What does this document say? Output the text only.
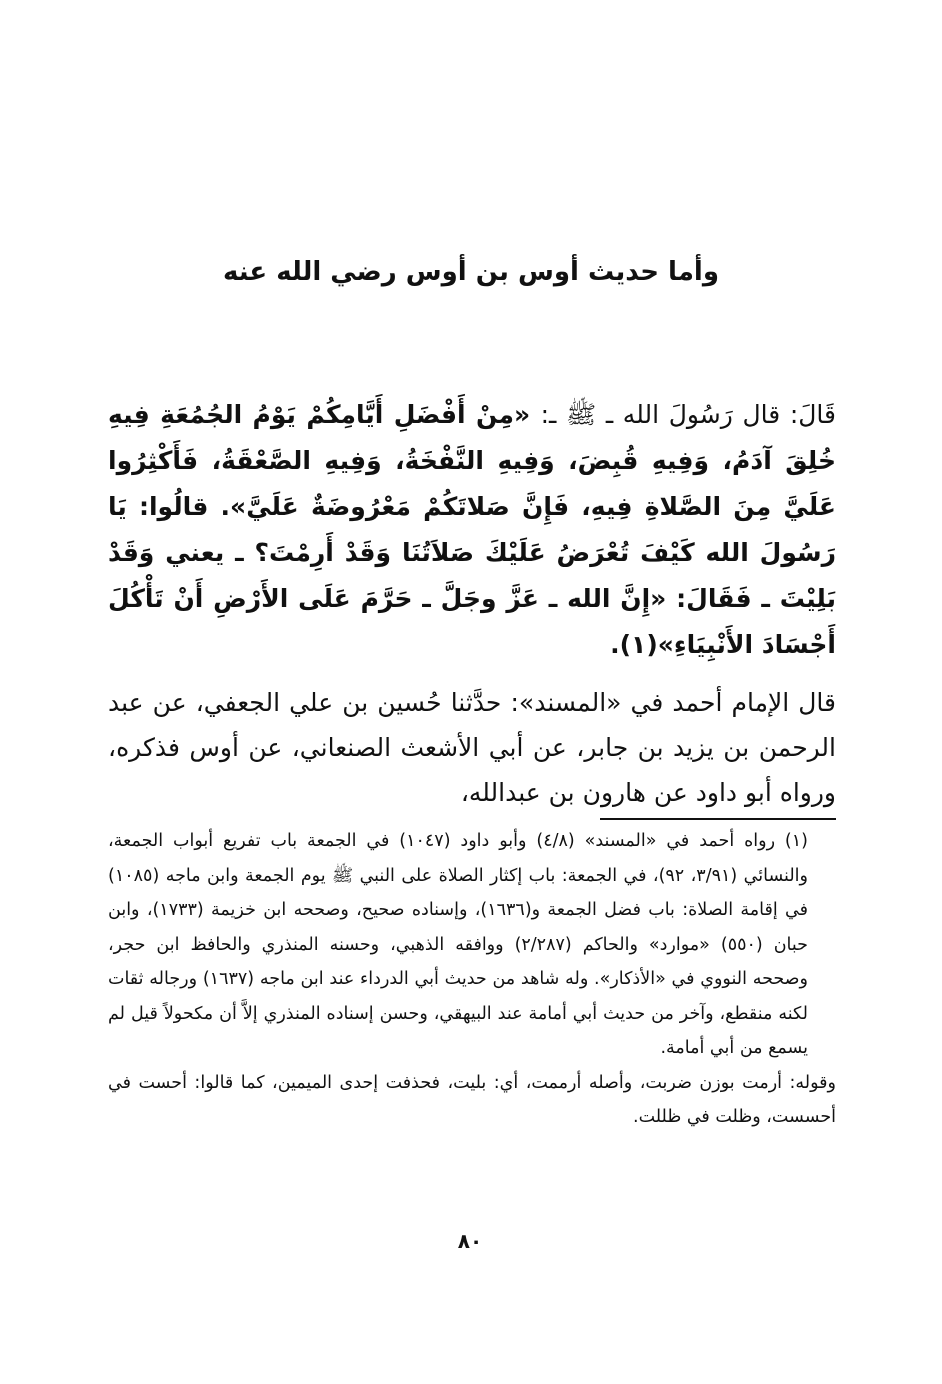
وأما حديث أوس بن أوس رضي الله عنه
قَالَ: قال رَسُولَ الله ـ ﷺ ـ: «مِنْ أَفْضَلِ أَيَّامِكُمْ يَوْمُ الجُمُعَةِ فِيهِ خُلِقَ آدَمُ، وَفِيهِ قُبِضَ، وَفِيهِ النَّفْخَةُ، وَفِيهِ الصَّعْقَةُ، فَأَكْثِرُوا عَلَيَّ مِنَ الصَّلاةِ فِيهِ، فَإِنَّ صَلاتَكُمْ مَعْرُوضَةٌ عَلَيَّ». قالُوا: يَا رَسُولَ الله كَيْفَ تُعْرَضُ عَلَيْكَ صَلاَتُنَا وَقَدْ أَرِمْتَ؟ ـ يعني وَقَدْ بَلِيْتَ ـ فَقَالَ: «إِنَّ الله ـ عَزَّ وجَلَّ ـ حَرَّمَ عَلَى الأَرْضِ أَنْ تَأْكُلَ أَجْسَادَ الأَنْبِيَاءِ»(١).
قال الإمام أحمد في «المسند»: حدَّثنا حُسين بن علي الجعفي، عن عبد الرحمن بن يزيد بن جابر، عن أبي الأشعث الصنعاني، عن أوس فذكره، ورواه أبو داود عن هارون بن عبدالله،

(١) رواه أحمد في «المسند» (٤/٨) وأبو داود (١٠٤٧) في الجمعة باب تفريع أبواب الجمعة، والنسائي (٣/٩١، ٩٢)، في الجمعة: باب إكثار الصلاة على النبي ﷺ يوم الجمعة وابن ماجه (١٠٨٥) في إقامة الصلاة: باب فضل الجمعة و(١٦٣٦)، وإسناده صحيح، وصححه ابن خزيمة (١٧٣٣)، وابن حبان (٥٥٠) «موارد» والحاكم (٢/٢٨٧) ووافقه الذهبي، وحسنه المنذري والحافظ ابن حجر، وصححه النووي في «الأذكار». وله شاهد من حديث أبي الدرداء عند ابن ماجه (١٦٣٧) ورجاله ثقات لكنه منقطع، وآخر من حديث أبي أمامة عند البيهقي، وحسن إسناده المنذري إلاَّ أن مكحولاً قيل لم يسمع من أبي أمامة.

وقوله: أرمت بوزن ضربت، وأصله أرممت، أي: بليت، فحذفت إحدى الميمين، كما قالوا: أحست في أحسست، وظلت في ظللت.

٨٠
